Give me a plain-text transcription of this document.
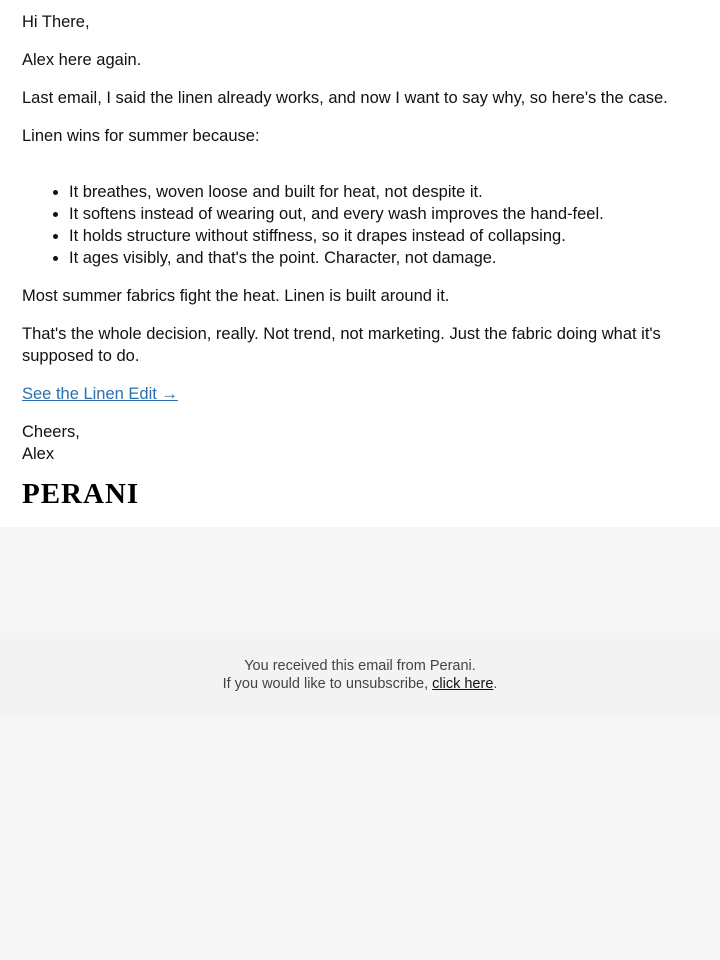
Hi There,

Alex here again.

Last email, I said the linen already works, and now I want to say why, so here's the case.

Linen wins for summer because:

• It breathes, woven loose and built for heat, not despite it.
• It softens instead of wearing out, and every wash improves the hand-feel.
• It holds structure without stiffness, so it drapes instead of collapsing.
• It ages visibly, and that's the point. Character, not damage.

Most summer fabrics fight the heat. Linen is built around it.

That's the whole decision, really. Not trend, not marketing. Just the fabric doing what it's supposed to do.

See the Linen Edit →

Cheers,

Alex

PERANI
You received this email from Perani.
If you would like to unsubscribe, click here.
